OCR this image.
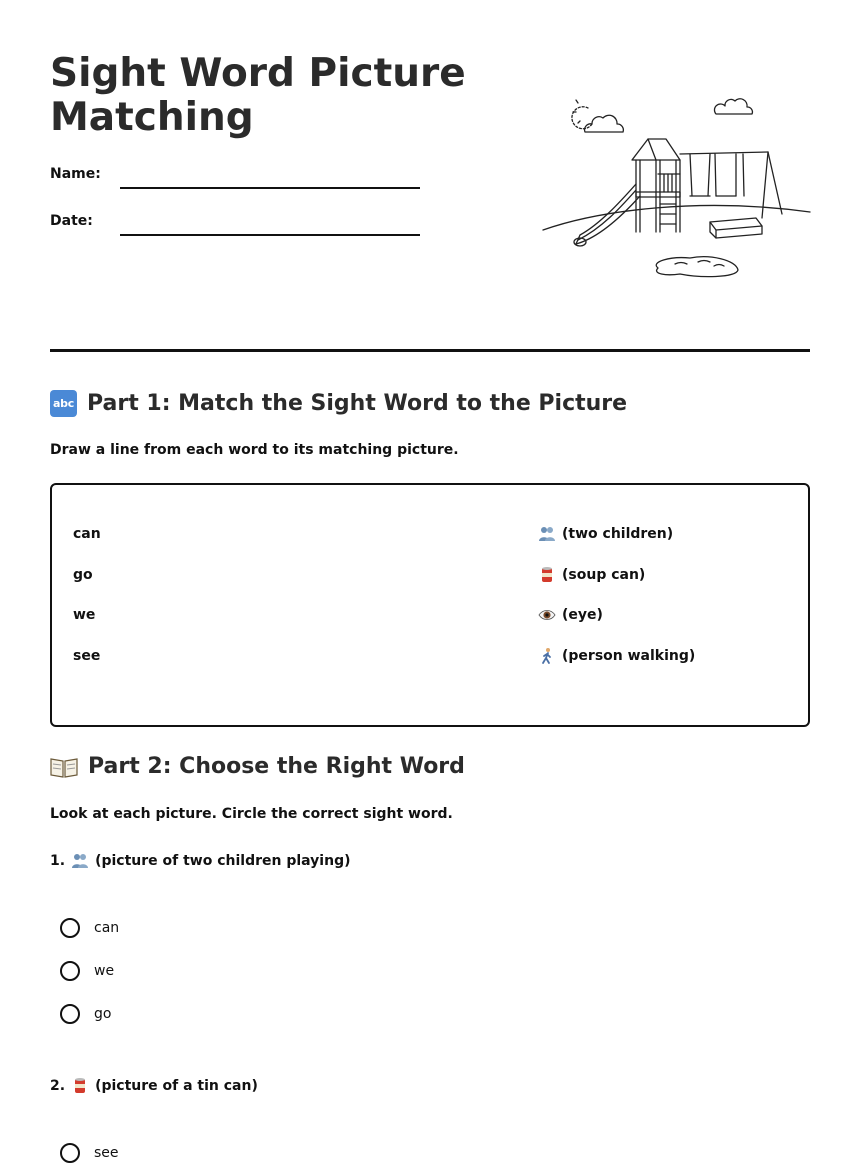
Sight Word Picture Matching
Name:
Date:
abc Part 1: Match the Sight Word to the Picture
Draw a line from each word to its matching picture.
can
go
we
see
(two children)
(soup can)
(eye)
(person walking)
Part 2: Choose the Right Word
Look at each picture. Circle the correct sight word.
1. (picture of two children playing)
can
we
go
2. (picture of a tin can)
see
